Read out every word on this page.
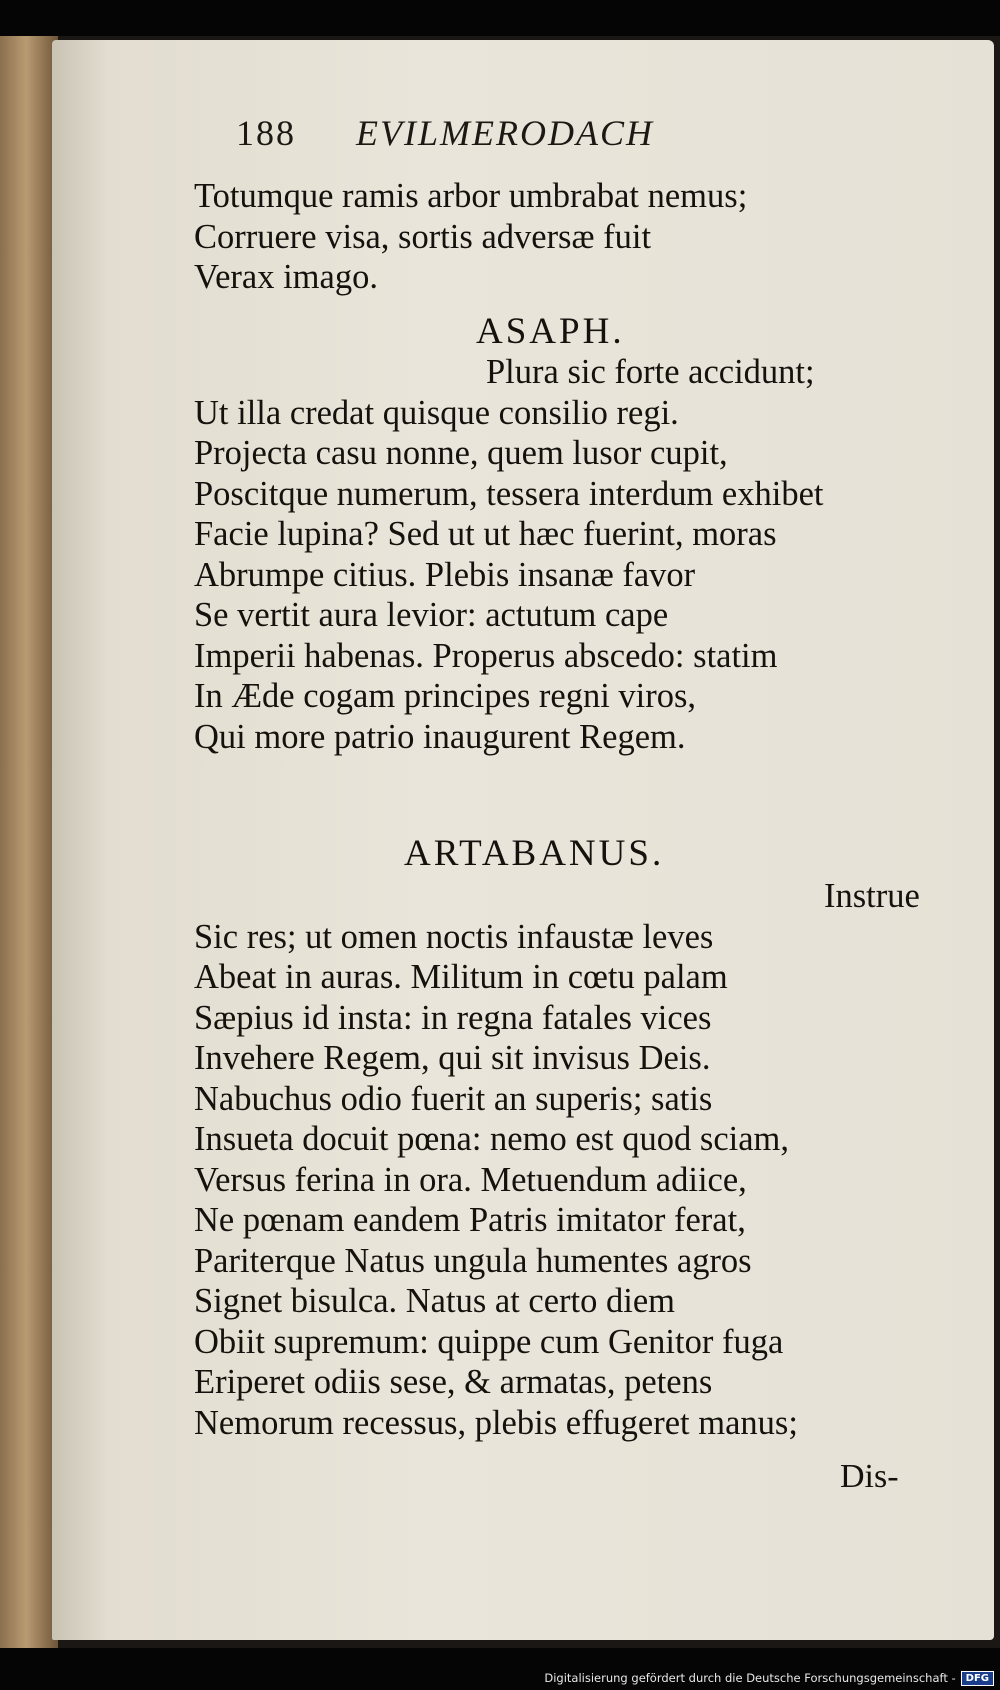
188 EVILMERODACH
Totumque ramis arbor umbrabat nemus;
Corruere visa, sortis adversæ fuit
Verax imago.
ASAPH.
Plura sic forte accidunt;
Ut illa credat quisque consilio regi.
Projecta casu nonne, quem lusor cupit,
Poscitque numerum, tessera interdum exhibet
Facie lupina? Sed ut ut hæc fuerint, moras
Abrumpe citius. Plebis insanæ favor
Se vertit aura levior: actutum cape
Imperii habenas. Properus abscedo: statim
In Æde cogam principes regni viros,
Qui more patrio inaugurent Regem.
ARTABANUS.
Instrue
Sic res; ut omen noctis infaustæ leves
Abeat in auras. Militum in cœtu palam
Sæpius id insta: in regna fatales vices
Invehere Regem, qui sit invisus Deis.
Nabuchus odio fuerit an superis; satis
Insueta docuit pœna: nemo est quod sciam,
Versus ferina in ora. Metuendum adiice,
Ne pœnam eandem Patris imitator ferat,
Pariterque Natus ungula humentes agros
Signet bisulca. Natus at certo diem
Obiit supremum: quippe cum Genitor fuga
Eriperet odiis sese, & armatas, petens
Nemorum recessus, plebis effugeret manus;
Dis-
Digitalisierung gefördert durch die Deutsche Forschungsgemeinschaft -	DFG
